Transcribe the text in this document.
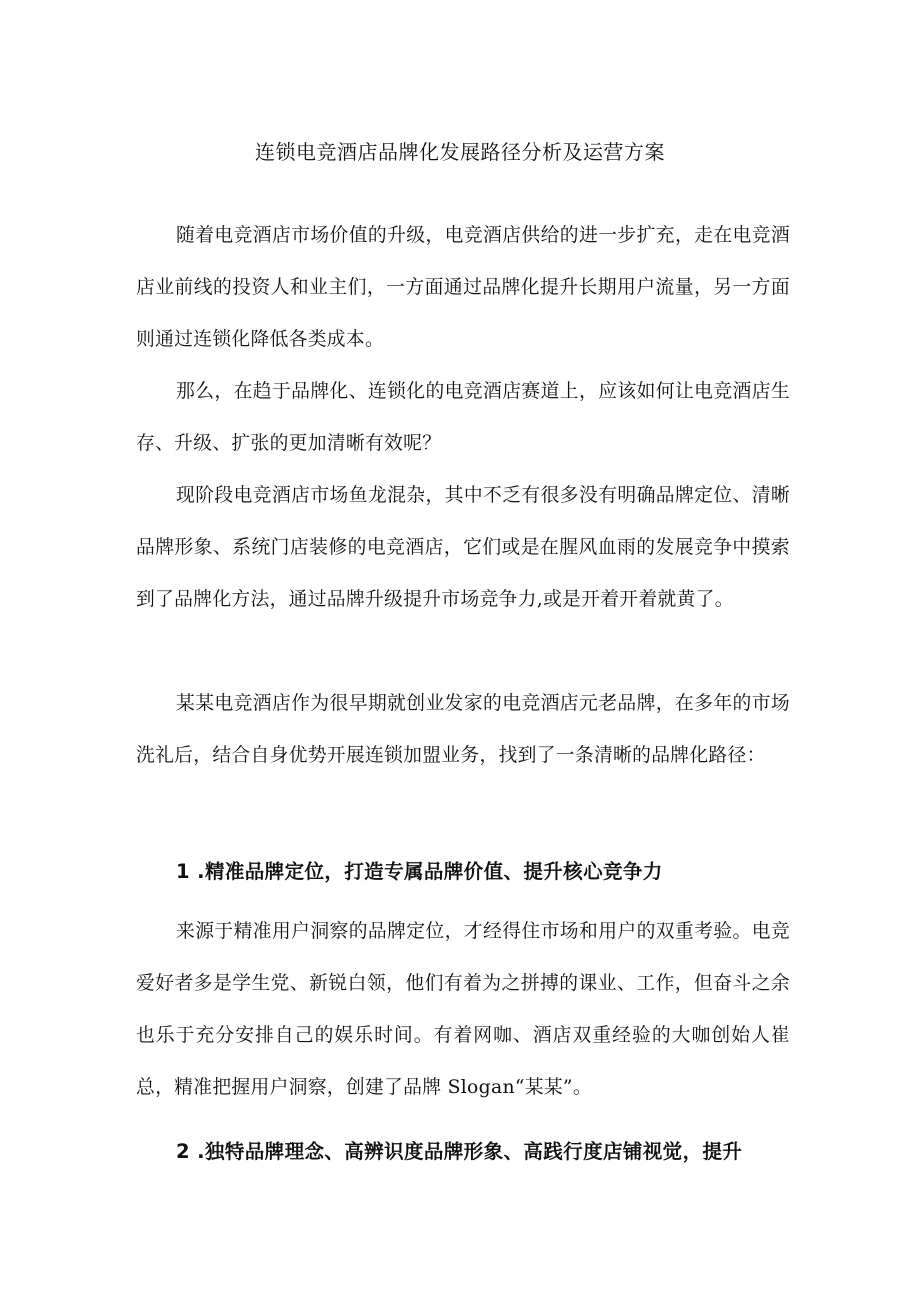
连锁电竞酒店品牌化发展路径分析及运营方案

随着电竞酒店市场价值的升级，电竞酒店供给的进一步扩充，走在电竞酒店业前线的投资人和业主们，一方面通过品牌化提升长期用户流量，另一方面则通过连锁化降低各类成本。

那么，在趋于品牌化、连锁化的电竞酒店赛道上，应该如何让电竞酒店生存、升级、扩张的更加清晰有效呢？

现阶段电竞酒店市场鱼龙混杂，其中不乏有很多没有明确品牌定位、清晰品牌形象、系统门店装修的电竞酒店，它们或是在腥风血雨的发展竞争中摸索到了品牌化方法，通过品牌升级提升市场竞争力,或是开着开着就黄了。

某某电竞酒店作为很早期就创业发家的电竞酒店元老品牌，在多年的市场洗礼后，结合自身优势开展连锁加盟业务，找到了一条清晰的品牌化路径：

1 .精准品牌定位，打造专属品牌价值、提升核心竞争力

来源于精准用户洞察的品牌定位，才经得住市场和用户的双重考验。电竞爱好者多是学生党、新锐白领，他们有着为之拼搏的课业、工作，但奋斗之余也乐于充分安排自己的娱乐时间。有着网咖、酒店双重经验的大咖创始人崔总，精准把握用户洞察，创建了品牌 Slogan“某某”。

2 .独特品牌理念、高辨识度品牌形象、高践行度店铺视觉，提升
